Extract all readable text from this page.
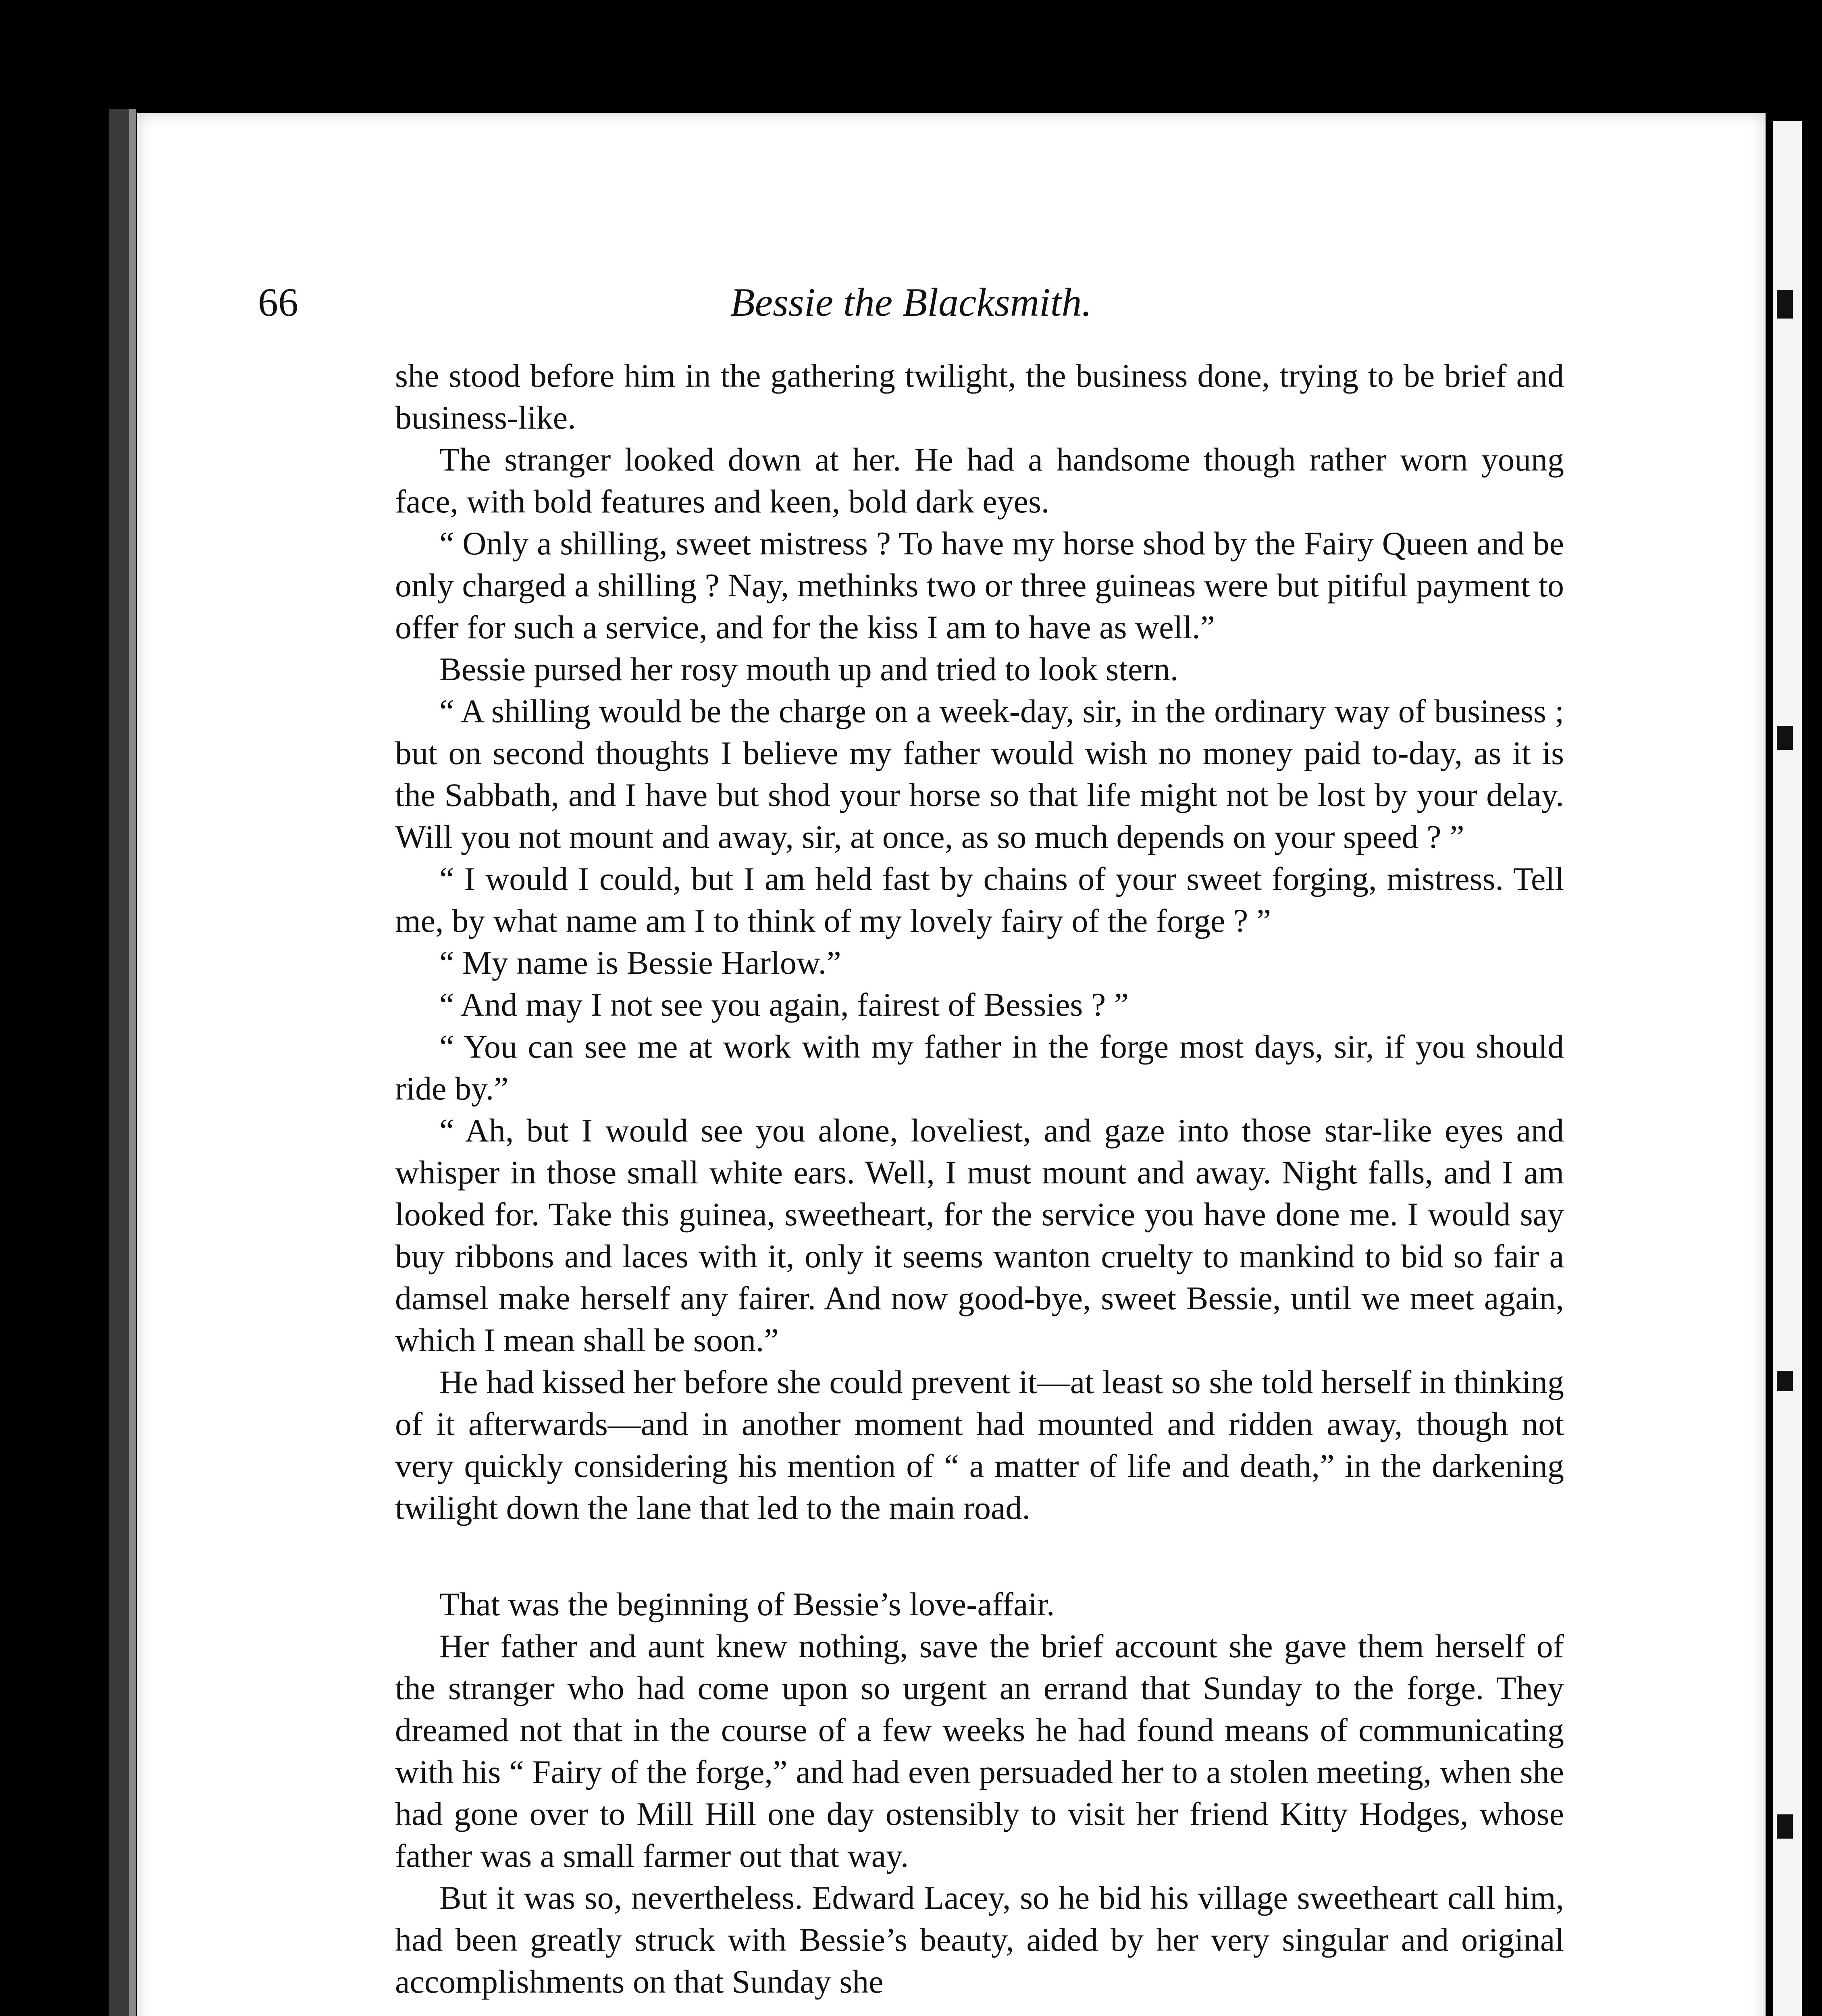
66	Bessie the Blacksmith.

she stood before him in the gathering twilight, the business done, trying to be brief and business-like.

The stranger looked down at her. He had a handsome though rather worn young face, with bold features and keen, bold dark eyes.

“ Only a shilling, sweet mistress ? To have my horse shod by the Fairy Queen and be only charged a shilling ? Nay, methinks two or three guineas were but pitiful payment to offer for such a service, and for the kiss I am to have as well.”

Bessie pursed her rosy mouth up and tried to look stern.

“ A shilling would be the charge on a week-day, sir, in the ordinary way of business ; but on second thoughts I believe my father would wish no money paid to-day, as it is the Sabbath, and I have but shod your horse so that life might not be lost by your delay. Will you not mount and away, sir, at once, as so much depends on your speed ? ”

“ I would I could, but I am held fast by chains of your sweet forging, mistress. Tell me, by what name am I to think of my lovely fairy of the forge ? ”

“ My name is Bessie Harlow.”

“ And may I not see you again, fairest of Bessies ? ”

“ You can see me at work with my father in the forge most days, sir, if you should ride by.”

“ Ah, but I would see you alone, loveliest, and gaze into those star-like eyes and whisper in those small white ears. Well, I must mount and away. Night falls, and I am looked for. Take this guinea, sweetheart, for the service you have done me. I would say buy ribbons and laces with it, only it seems wanton cruelty to mankind to bid so fair a damsel make herself any fairer. And now good-bye, sweet Bessie, until we meet again, which I mean shall be soon.”

He had kissed her before she could prevent it—at least so she told herself in thinking of it afterwards—and in another moment had mounted and ridden away, though not very quickly considering his mention of “ a matter of life and death,” in the darkening twilight down the lane that led to the main road.

That was the beginning of Bessie’s love-affair.

Her father and aunt knew nothing, save the brief account she gave them herself of the stranger who had come upon so urgent an errand that Sunday to the forge. They dreamed not that in the course of a few weeks he had found means of communicating with his “ Fairy of the forge,” and had even persuaded her to a stolen meeting, when she had gone over to Mill Hill one day ostensibly to visit her friend Kitty Hodges, whose father was a small farmer out that way.

But it was so, nevertheless. Edward Lacey, so he bid his village sweetheart call him, had been greatly struck with Bessie’s beauty, aided by her very singular and original accomplishments on that Sunday she
